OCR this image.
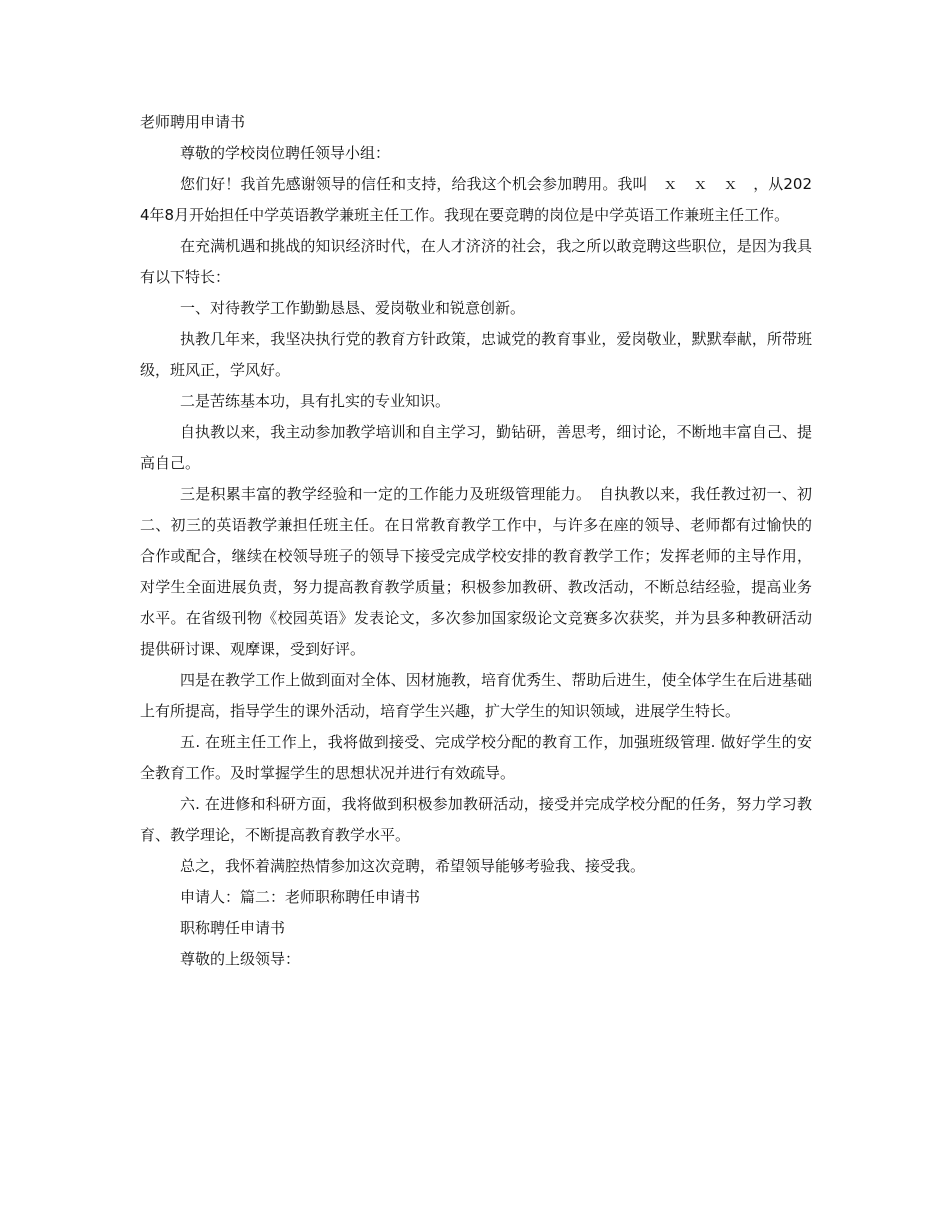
老师聘用申请书

尊敬的学校岗位聘任领导小组：

您们好！我首先感谢领导的信任和支持，给我这个机会参加聘用。我叫　ｘ　ｘ　ｘ　，从2024年8月开始担任中学英语教学兼班主任工作。我现在要竞聘的岗位是中学英语工作兼班主任工作。

在充满机遇和挑战的知识经济时代，在人才济济的社会，我之所以敢竞聘这些职位，是因为我具有以下特长：

一、对待教学工作勤勤恳恳、爱岗敬业和锐意创新。

执教几年来，我坚决执行党的教育方针政策，忠诚党的教育事业，爱岗敬业，默默奉献，所带班级，班风正，学风好。

二是苦练基本功，具有扎实的专业知识。

自执教以来，我主动参加教学培训和自主学习，勤钻研，善思考，细讨论，不断地丰富自己、提高自己。

三是积累丰富的教学经验和一定的工作能力及班级管理能力。　自执教以来，我任教过初一、初二、初三的英语教学兼担任班主任。在日常教育教学工作中，与许多在座的领导、老师都有过愉快的合作或配合，继续在校领导班子的领导下接受完成学校安排的教育教学工作；发挥老师的主导作用，对学生全面进展负责，努力提高教育教学质量；积极参加教研、教改活动，不断总结经验，提高业务水平。在省级刊物《校园英语》发表论文，多次参加国家级论文竞赛多次获奖，并为县多种教研活动提供研讨课、观摩课，受到好评。

四是在教学工作上做到面对全体、因材施教，培育优秀生、帮助后进生，使全体学生在后进基础上有所提高，指导学生的课外活动，培育学生兴趣，扩大学生的知识领域，进展学生特长。

五. 在班主任工作上，我将做到接受、完成学校分配的教育工作，加强班级管理. 做好学生的安全教育工作。及时掌握学生的思想状况并进行有效疏导。

六. 在进修和科研方面，我将做到积极参加教研活动，接受并完成学校分配的任务，努力学习教育、教学理论，不断提高教育教学水平。

总之，我怀着满腔热情参加这次竞聘，希望领导能够考验我、接受我。

申请人：篇二：老师职称聘任申请书

职称聘任申请书

尊敬的上级领导：
